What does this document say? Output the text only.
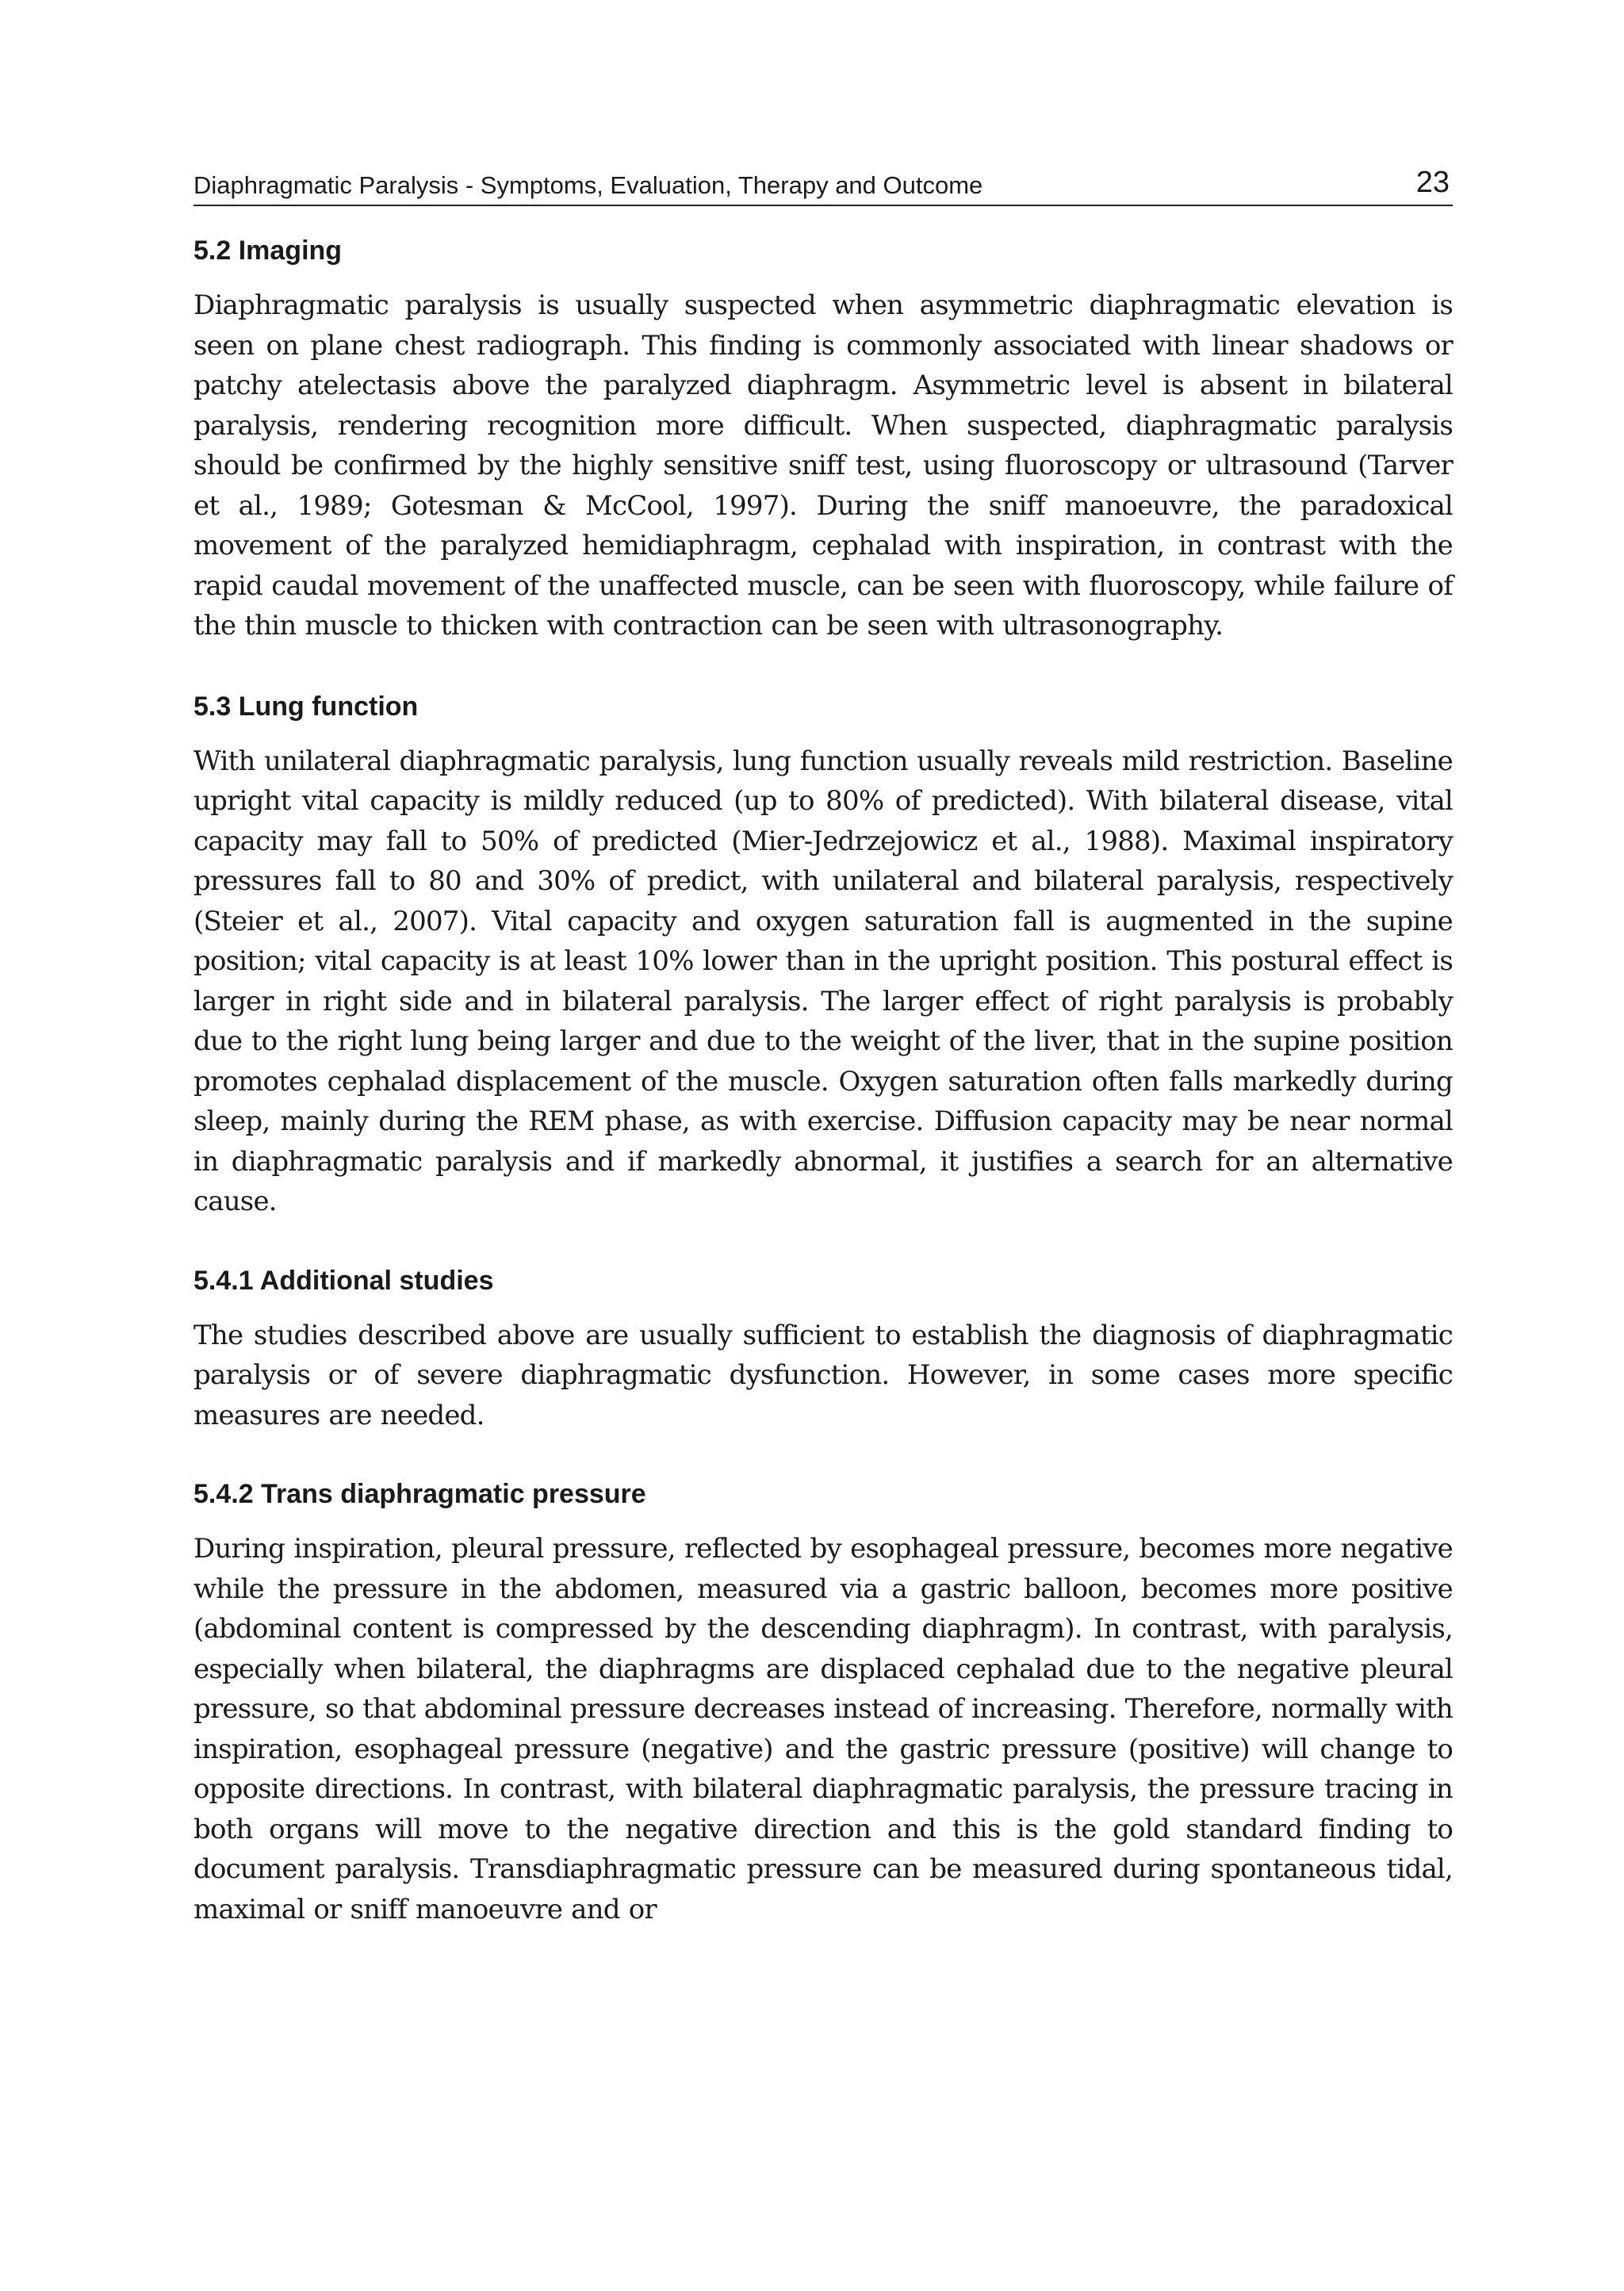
Diaphragmatic Paralysis - Symptoms, Evaluation, Therapy and Outcome	23
5.2 Imaging

Diaphragmatic paralysis is usually suspected when asymmetric diaphragmatic elevation is seen on plane chest radiograph. This finding is commonly associated with linear shadows or patchy atelectasis above the paralyzed diaphragm. Asymmetric level is absent in bilateral paralysis, rendering recognition more difficult. When suspected, diaphragmatic paralysis should be confirmed by the highly sensitive sniff test, using fluoroscopy or ultrasound (Tarver et al., 1989; Gotesman & McCool, 1997). During the sniff manoeuvre, the paradoxical movement of the paralyzed hemidiaphragm, cephalad with inspiration, in contrast with the rapid caudal movement of the unaffected muscle, can be seen with fluoroscopy, while failure of the thin muscle to thicken with contraction can be seen with ultrasonography.

5.3 Lung function

With unilateral diaphragmatic paralysis, lung function usually reveals mild restriction. Baseline upright vital capacity is mildly reduced (up to 80% of predicted). With bilateral disease, vital capacity may fall to 50% of predicted (Mier-Jedrzejowicz et al., 1988). Maximal inspiratory pressures fall to 80 and 30% of predict, with unilateral and bilateral paralysis, respectively (Steier et al., 2007). Vital capacity and oxygen saturation fall is augmented in the supine position; vital capacity is at least 10% lower than in the upright position. This postural effect is larger in right side and in bilateral paralysis. The larger effect of right paralysis is probably due to the right lung being larger and due to the weight of the liver, that in the supine position promotes cephalad displacement of the muscle. Oxygen saturation often falls markedly during sleep, mainly during the REM phase, as with exercise. Diffusion capacity may be near normal in diaphragmatic paralysis and if markedly abnormal, it justifies a search for an alternative cause.

5.4.1 Additional studies

The studies described above are usually sufficient to establish the diagnosis of diaphragmatic paralysis or of severe diaphragmatic dysfunction. However, in some cases more specific measures are needed.

5.4.2 Trans diaphragmatic pressure

During inspiration, pleural pressure, reflected by esophageal pressure, becomes more negative while the pressure in the abdomen, measured via a gastric balloon, becomes more positive (abdominal content is compressed by the descending diaphragm). In contrast, with paralysis, especially when bilateral, the diaphragms are displaced cephalad due to the negative pleural pressure, so that abdominal pressure decreases instead of increasing. Therefore, normally with inspiration, esophageal pressure (negative) and the gastric pressure (positive) will change to opposite directions. In contrast, with bilateral diaphragmatic paralysis, the pressure tracing in both organs will move to the negative direction and this is the gold standard finding to document paralysis. Transdiaphragmatic pressure can be measured during spontaneous tidal, maximal or sniff manoeuvre and or
